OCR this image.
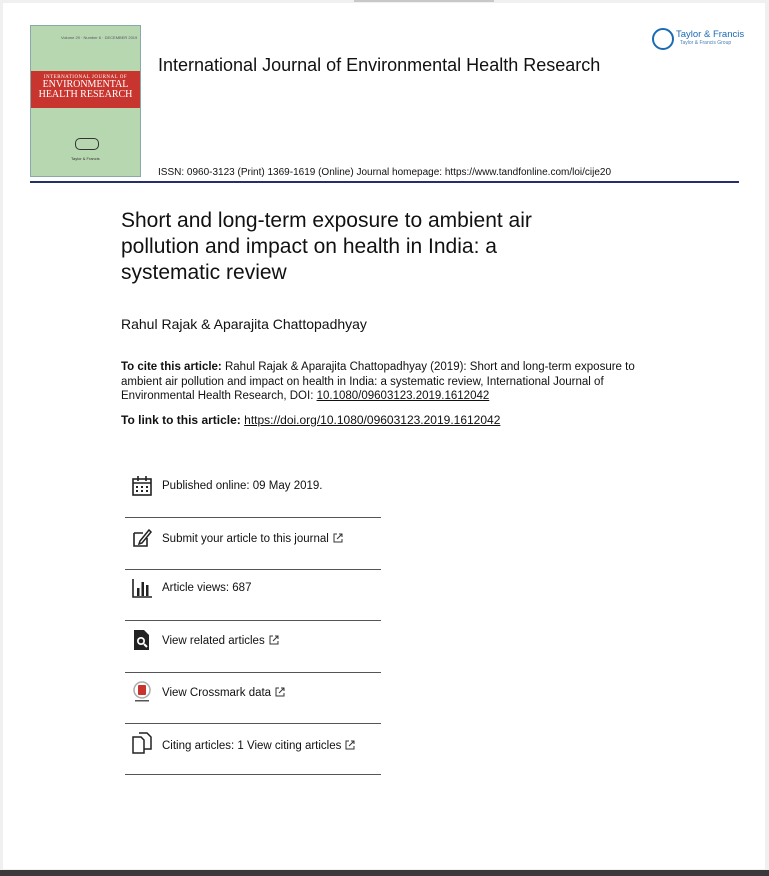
Volume 29 · Number 6 · DECEMBER 2019
INTERNATIONAL JOURNAL OF
ENVIRONMENTAL
HEALTH RESEARCH
Taylor & Francis
International Journal of Environmental Health Research
Taylor & Francis
Taylor & Francis Group
ISSN: 0960-3123 (Print) 1369-1619 (Online) Journal homepage: https://www.tandfonline.com/loi/cije20
Short and long-term exposure to ambient air pollution and impact on health in India: a systematic review
Rahul Rajak & Aparajita Chattopadhyay
To cite this article: Rahul Rajak & Aparajita Chattopadhyay (2019): Short and long-term exposure to ambient air pollution and impact on health in India: a systematic review, International Journal of Environmental Health Research, DOI: 10.1080/09603123.2019.1612042
To link to this article: https://doi.org/10.1080/09603123.2019.1612042
Published online: 09 May 2019.
Submit your article to this journal
Article views: 687
View related articles
View Crossmark data
Citing articles: 1 View citing articles
